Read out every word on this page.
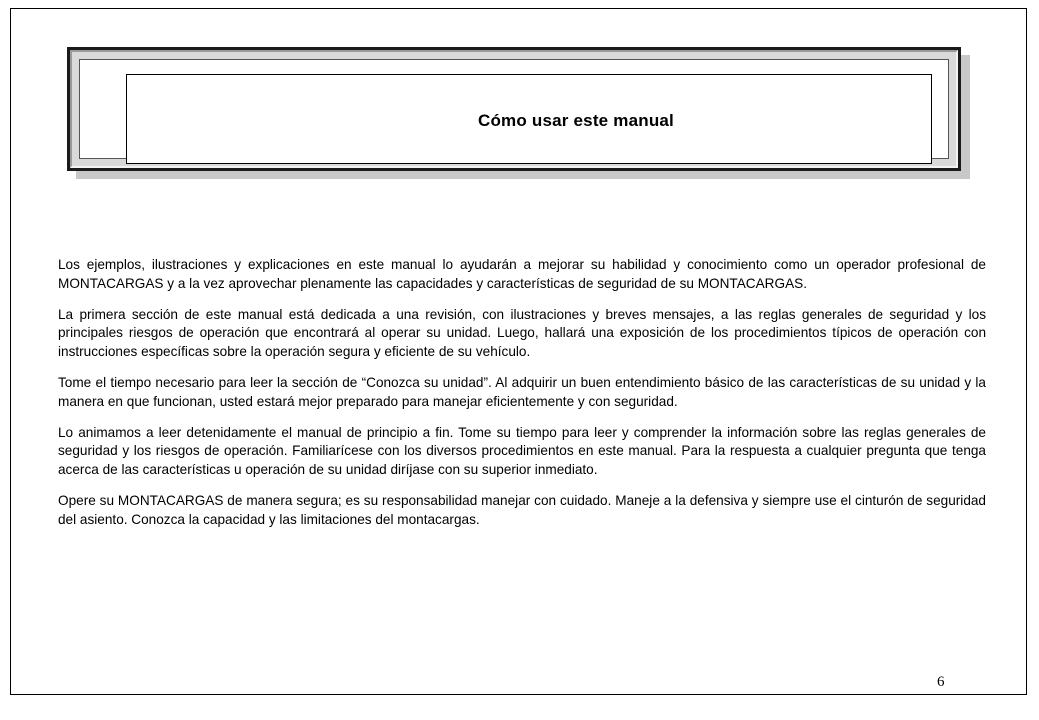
Cómo usar este manual

Los ejemplos, ilustraciones y explicaciones en este manual lo ayudarán a mejorar su habilidad y conocimiento como un operador profesional de MONTACARGAS y a la vez aprovechar plenamente las capacidades y características de seguridad de su MONTACARGAS.

La primera sección de este manual está dedicada a una revisión, con ilustraciones y breves mensajes, a las reglas generales de seguridad y los principales riesgos de operación que encontrará al operar su unidad. Luego, hallará una exposición de los procedimientos típicos de operación con instrucciones específicas sobre la operación segura y eficiente de su vehículo.

Tome el tiempo necesario para leer la sección de “Conozca su unidad”. Al adquirir un buen entendimiento básico de las características de su unidad y la manera en que funcionan, usted estará mejor preparado para manejar eficientemente y con seguridad.

Lo animamos a leer detenidamente el manual de principio a fin. Tome su tiempo para leer y comprender la información sobre las reglas generales de seguridad y los riesgos de operación. Familiarícese con los diversos procedimientos en este manual. Para la respuesta a cualquier pregunta que tenga acerca de las características u operación de su unidad diríjase con su superior inmediato.

Opere su MONTACARGAS de manera segura; es su responsabilidad manejar con cuidado. Maneje a la defensiva y siempre use el cinturón de seguridad del asiento. Conozca la capacidad y las limitaciones del montacargas.

6
